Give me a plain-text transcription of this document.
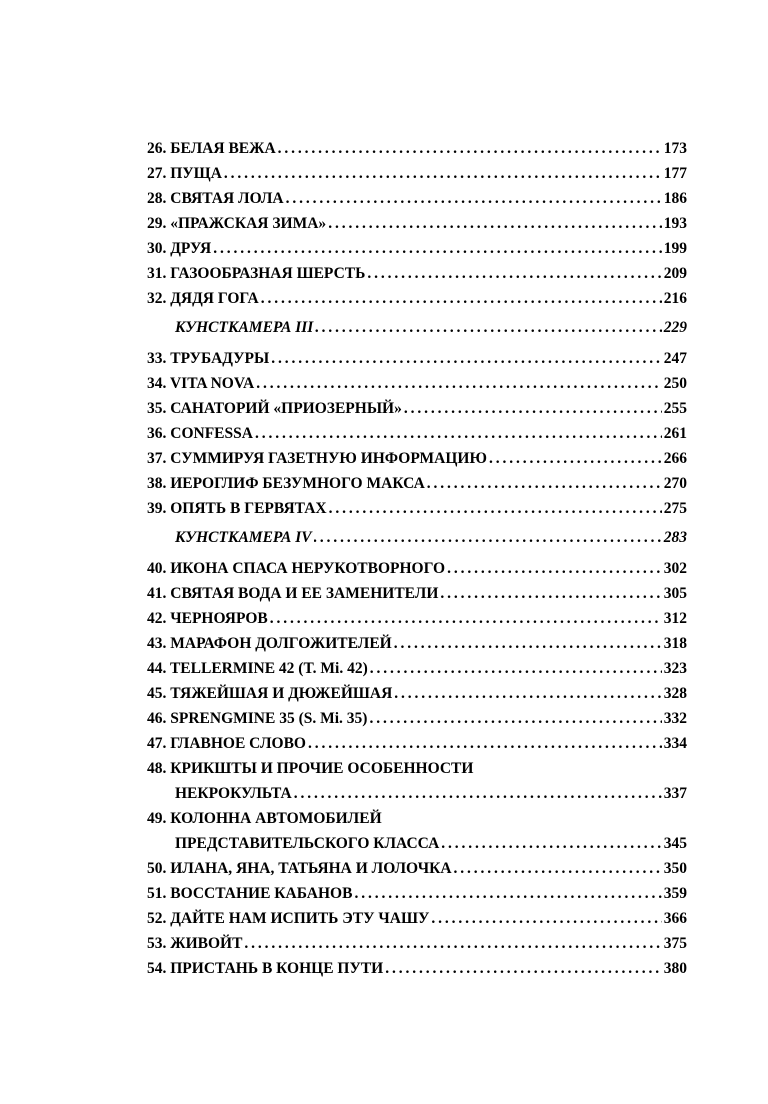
26. БЕЛАЯ ВЕЖА . . .	173
27. ПУЩА . . .	177
28. СВЯТАЯ ЛОЛА . . .	186
29. «ПРАЖСКАЯ ЗИМА» . . .	193
30. ДРУЯ . . .	199
31. ГАЗООБРАЗНАЯ ШЕРСТЬ . . .	209
32. ДЯДЯ ГОГА . . .	216
КУНСТКАМЕРА III . . .	229
33. ТРУБАДУРЫ . . .	247
34. VITA NOVA . . .	250
35. САНАТОРИЙ «ПРИОЗЕРНЫЙ» . . .	255
36. CONFESSA . . .	261
37. СУММИРУЯ ГАЗЕТНУЮ ИНФОРМАЦИЮ . . .	266
38. ИЕРОГЛИФ БЕЗУМНОГО МАКСА . . .	270
39. ОПЯТЬ В ГЕРВЯТАХ . . .	275
КУНСТКАМЕРА IV . . .	283
40. ИКОНА СПАСА НЕРУКОТВОРНОГО . . .	302
41. СВЯТАЯ ВОДА И ЕЕ ЗАМЕНИТЕЛИ . . .	305
42. ЧЕРНОЯРОВ . . .	312
43. МАРАФОН ДОЛГОЖИТЕЛЕЙ . . .	318
44. TELLERMINE 42 (T. Mi. 42) . . .	323
45. ТЯЖЕЙШАЯ И ДЮЖЕЙШАЯ . . .	328
46. SPRENGMINE 35 (S. Mi. 35) . . .	332
47. ГЛАВНОЕ СЛОВО . . .	334
48. КРИКШТЫ И ПРОЧИЕ ОСОБЕННОСТИ
НЕКРОКУЛЬТА . . .	337
49. КОЛОННА АВТОМОБИЛЕЙ
ПРЕДСТАВИТЕЛЬСКОГО КЛАССА . . .	345
50. ИЛАНА, ЯНА, ТАТЬЯНА И ЛОЛОЧКА . . .	350
51. ВОССТАНИЕ КАБАНОВ . . .	359
52. ДАЙТЕ НАМ ИСПИТЬ ЭТУ ЧАШУ . . .	366
53. ЖИВОЙТ . . .	375
54. ПРИСТАНЬ В КОНЦЕ ПУТИ . . .	380
